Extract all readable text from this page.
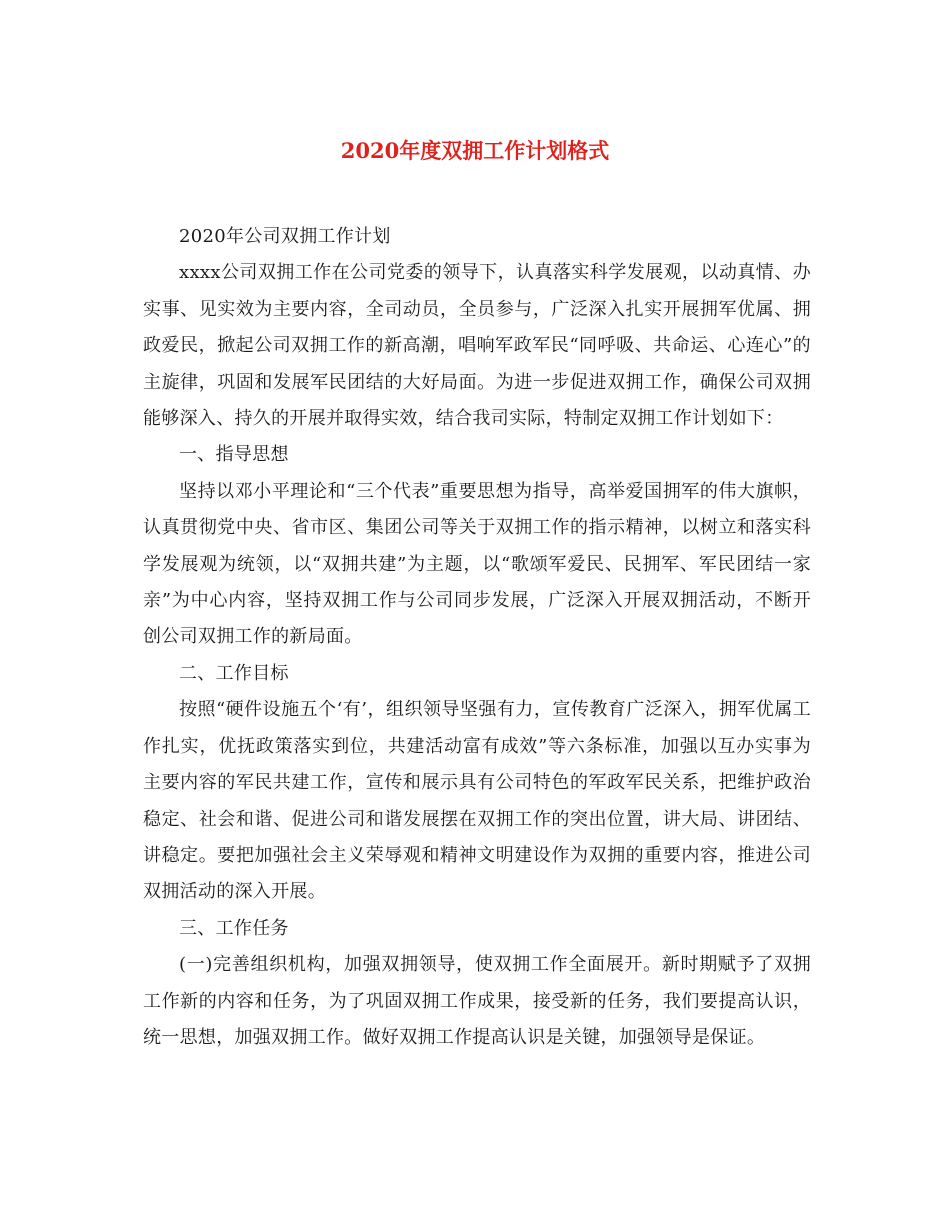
2020年度双拥工作计划格式

2020年公司双拥工作计划

xxxx公司双拥工作在公司党委的领导下，认真落实科学发展观，以动真情、办实事、见实效为主要内容，全司动员，全员参与，广泛深入扎实开展拥军优属、拥政爱民，掀起公司双拥工作的新高潮，唱响军政军民“同呼吸、共命运、心连心”的主旋律，巩固和发展军民团结的大好局面。为进一步促进双拥工作，确保公司双拥能够深入、持久的开展并取得实效，结合我司实际，特制定双拥工作计划如下：

一、指导思想

坚持以邓小平理论和“三个代表”重要思想为指导，高举爱国拥军的伟大旗帜，认真贯彻党中央、省市区、集团公司等关于双拥工作的指示精神，以树立和落实科学发展观为统领，以“双拥共建”为主题，以“歌颂军爱民、民拥军、军民团结一家亲”为中心内容，坚持双拥工作与公司同步发展，广泛深入开展双拥活动，不断开创公司双拥工作的新局面。

二、工作目标

按照“硬件设施五个‘有’，组织领导坚强有力，宣传教育广泛深入，拥军优属工作扎实，优抚政策落实到位，共建活动富有成效”等六条标准，加强以互办实事为主要内容的军民共建工作，宣传和展示具有公司特色的军政军民关系，把维护政治稳定、社会和谐、促进公司和谐发展摆在双拥工作的突出位置，讲大局、讲团结、讲稳定。要把加强社会主义荣辱观和精神文明建设作为双拥的重要内容，推进公司双拥活动的深入开展。

三、工作任务

(一)完善组织机构，加强双拥领导，使双拥工作全面展开。新时期赋予了双拥工作新的内容和任务，为了巩固双拥工作成果，接受新的任务，我们要提高认识，统一思想，加强双拥工作。做好双拥工作提高认识是关键，加强领导是保证。
